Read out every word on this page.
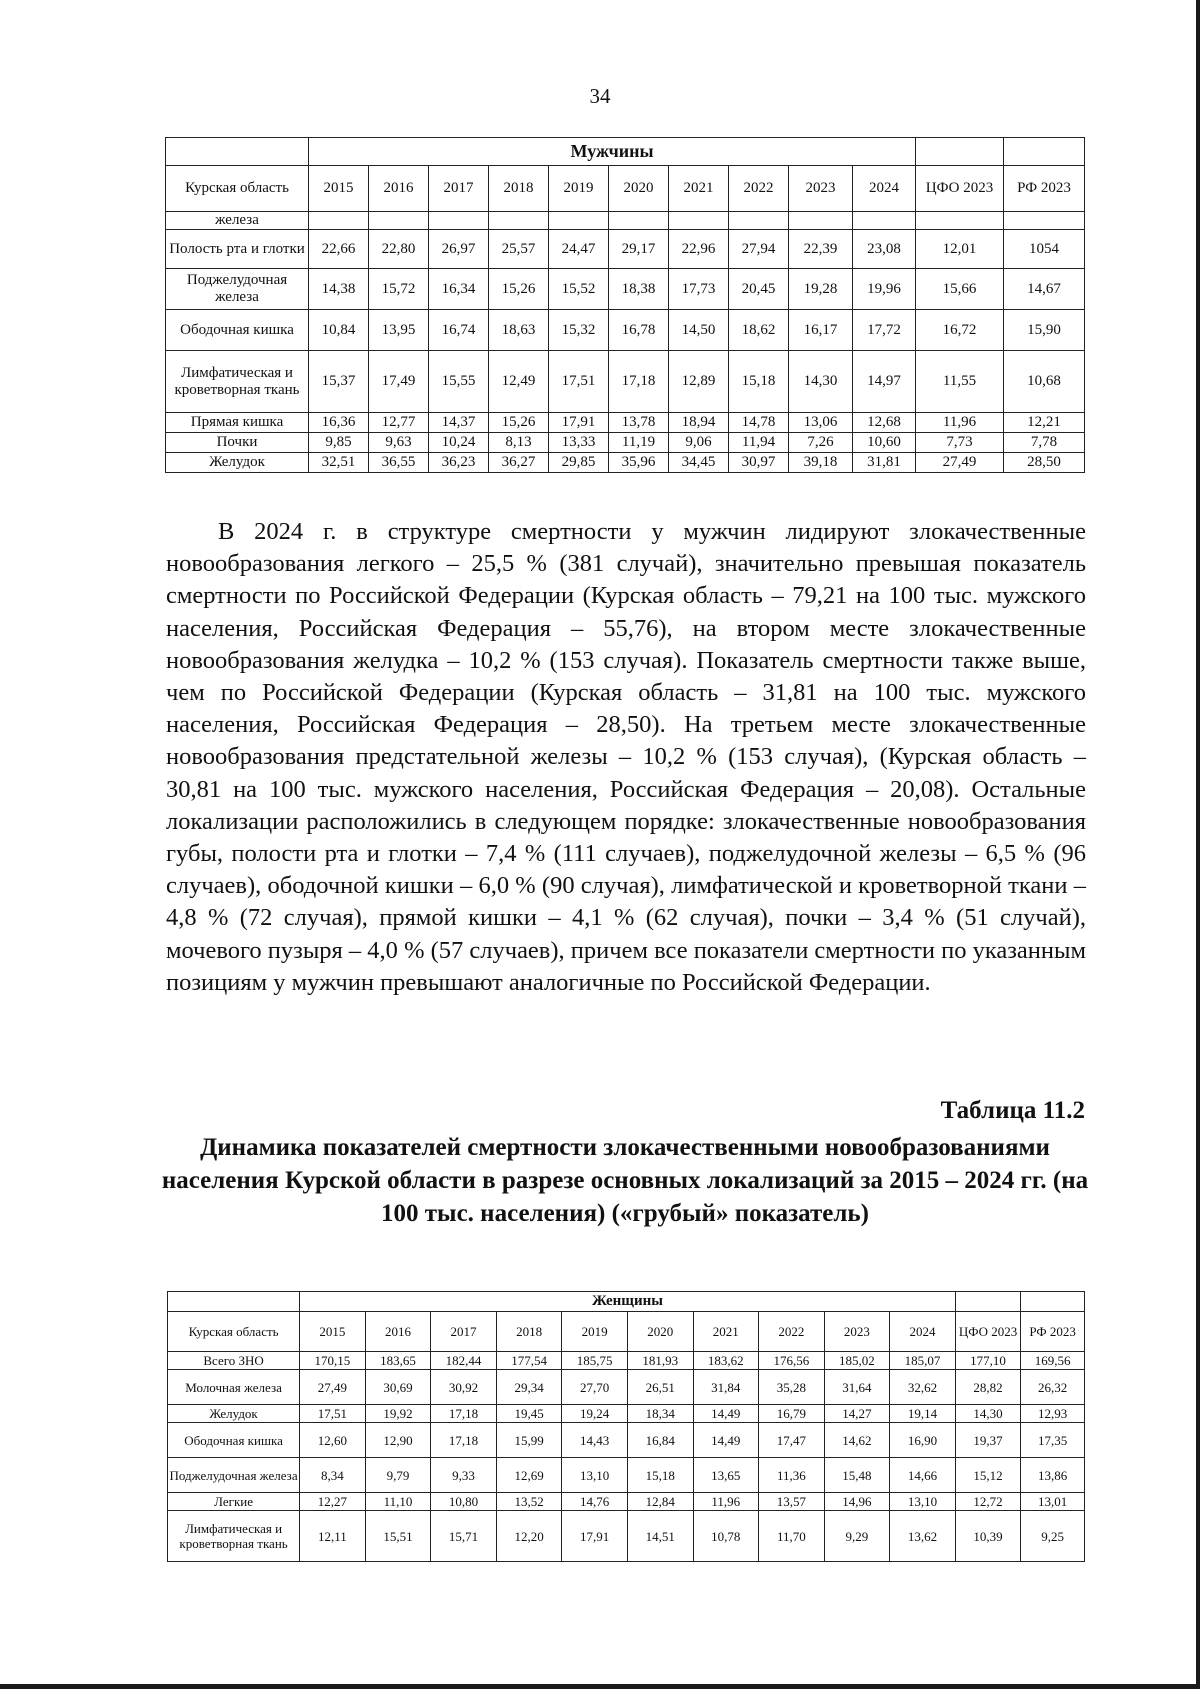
34
	Мужчины											
Курская область	2015	2016	2017	2018	2019	2020	2021	2022	2023	2024	ЦФО 2023	РФ 2023
железа												
Полость рта и глотки	22,66	22,80	26,97	25,57	24,47	29,17	22,96	27,94	22,39	23,08	12,01	1054
Поджелудочная железа	14,38	15,72	16,34	15,26	15,52	18,38	17,73	20,45	19,28	19,96	15,66	14,67
Ободочная кишка	10,84	13,95	16,74	18,63	15,32	16,78	14,50	18,62	16,17	17,72	16,72	15,90
Лимфатическая и кроветворная ткань	15,37	17,49	15,55	12,49	17,51	17,18	12,89	15,18	14,30	14,97	11,55	10,68
Прямая кишка	16,36	12,77	14,37	15,26	17,91	13,78	18,94	14,78	13,06	12,68	11,96	12,21
Почки	9,85	9,63	10,24	8,13	13,33	11,19	9,06	11,94	7,26	10,60	7,73	7,78
Желудок	32,51	36,55	36,23	36,27	29,85	35,96	34,45	30,97	39,18	31,81	27,49	28,50

В 2024 г. в структуре смертности у мужчин лидируют злокачественные новообразования легкого – 25,5 % (381 случай), значительно превышая показатель смертности по Российской Федерации (Курская область – 79,21 на 100 тыс. мужского населения, Российская Федерация – 55,76), на втором месте злокачественные новообразования желудка – 10,2 % (153 случая). Показатель смертности также выше, чем по Российской Федерации (Курская область – 31,81 на 100 тыс. мужского населения, Российская Федерация – 28,50). На третьем месте злокачественные новообразования предстательной железы – 10,2 % (153 случая), (Курская область – 30,81 на 100 тыс. мужского населения, Российская Федерация – 20,08). Остальные локализации расположились в следующем порядке: злокачественные новообразования губы, полости рта и глотки – 7,4 % (111 случаев), поджелудочной железы – 6,5 % (96 случаев), ободочной кишки – 6,0 % (90 случая), лимфатической и кроветворной ткани – 4,8 % (72 случая), прямой кишки – 4,1 % (62 случая), почки – 3,4 % (51 случай), мочевого пузыря – 4,0 % (57 случаев), причем все показатели смертности по указанным позициям у мужчин превышают аналогичные по Российской Федерации.

Таблица 11.2
Динамика показателей смертности злокачественными новообразованиями населения Курской области в разрезе основных локализаций за 2015 – 2024 гг. (на 100 тыс. населения) («грубый» показатель)
	Женщины											
Курская область	2015	2016	2017	2018	2019	2020	2021	2022	2023	2024	ЦФО 2023	РФ 2023
Всего ЗНО	170,15	183,65	182,44	177,54	185,75	181,93	183,62	176,56	185,02	185,07	177,10	169,56
Молочная железа	27,49	30,69	30,92	29,34	27,70	26,51	31,84	35,28	31,64	32,62	28,82	26,32
Желудок	17,51	19,92	17,18	19,45	19,24	18,34	14,49	16,79	14,27	19,14	14,30	12,93
Ободочная кишка	12,60	12,90	17,18	15,99	14,43	16,84	14,49	17,47	14,62	16,90	19,37	17,35
Поджелудочная железа	8,34	9,79	9,33	12,69	13,10	15,18	13,65	11,36	15,48	14,66	15,12	13,86
Легкие	12,27	11,10	10,80	13,52	14,76	12,84	11,96	13,57	14,96	13,10	12,72	13,01
Лимфатическая и кроветворная ткань	12,11	15,51	15,71	12,20	17,91	14,51	10,78	11,70	9,29	13,62	10,39	9,25
